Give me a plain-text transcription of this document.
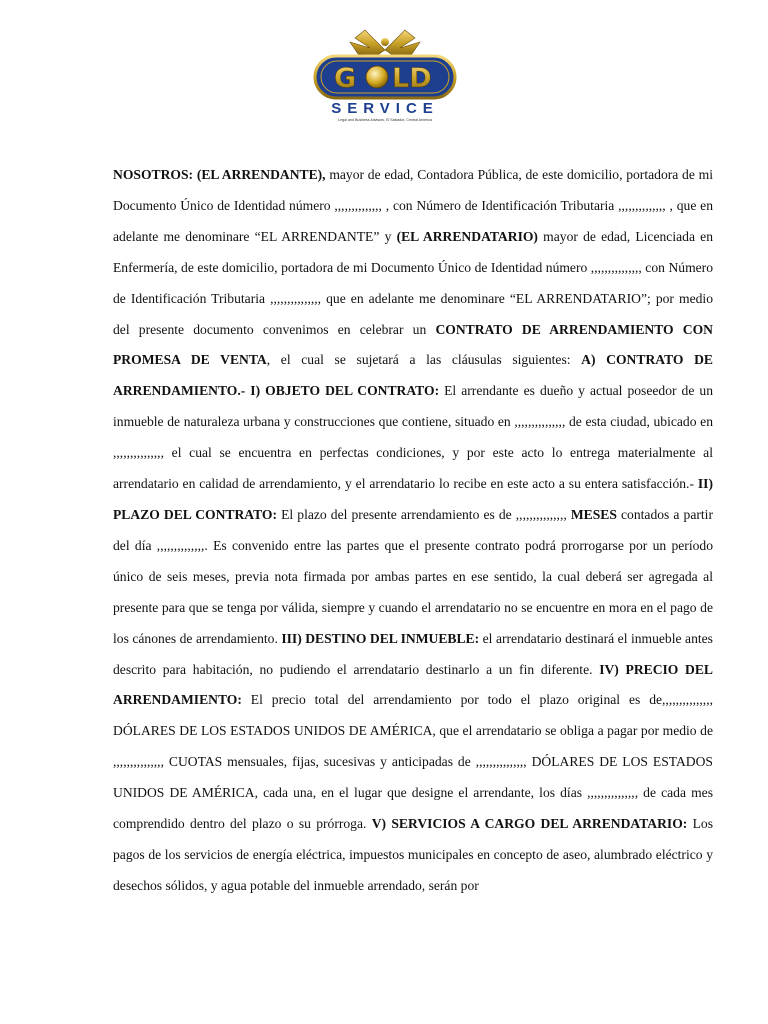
G LD
SERVICE
Legal and Business Advisors, El Salvador, Central America

NOSOTROS: (EL ARRENDANTE), mayor de edad, Contadora Pública, de este domicilio, portadora de mi Documento Único de Identidad número ,,,,,,,,,,,,,, , con Número de Identificación Tributaria ,,,,,,,,,,,,,, , que en adelante me denominare “EL ARRENDANTE” y (EL ARRENDATARIO) mayor de edad, Licenciada en Enfermería, de este domicilio, portadora de mi Documento Único de Identidad número ,,,,,,,,,,,,,,, con Número de Identificación Tributaria ,,,,,,,,,,,,,,, que en adelante me denominare “EL ARRENDATARIO”; por medio del presente documento convenimos en celebrar un CONTRATO DE ARRENDAMIENTO CON PROMESA DE VENTA, el cual se sujetará a las cláusulas siguientes: A) CONTRATO DE ARRENDAMIENTO.- I) OBJETO DEL CONTRATO: El arrendante es dueño y actual poseedor de un inmueble de naturaleza urbana y construcciones que contiene, situado en ,,,,,,,,,,,,,,, de esta ciudad, ubicado en ,,,,,,,,,,,,,,, el cual se encuentra en perfectas condiciones, y por este acto lo entrega materialmente al arrendatario en calidad de arrendamiento, y el arrendatario lo recibe en este acto a su entera satisfacción.- II) PLAZO DEL CONTRATO: El plazo del presente arrendamiento es de ,,,,,,,,,,,,,,, MESES contados a partir del día ,,,,,,,,,,,,,,. Es convenido entre las partes que el presente contrato podrá prorrogarse por un período único de seis meses, previa nota firmada por ambas partes en ese sentido, la cual deberá ser agregada al presente para que se tenga por válida, siempre y cuando el arrendatario no se encuentre en mora en el pago de los cánones de arrendamiento. III) DESTINO DEL INMUEBLE: el arrendatario destinará el inmueble antes descrito para habitación, no pudiendo el arrendatario destinarlo a un fin diferente. IV) PRECIO DEL ARRENDAMIENTO: El precio total del arrendamiento por todo el plazo original es de,,,,,,,,,,,,,,, DÓLARES DE LOS ESTADOS UNIDOS DE AMÉRICA, que el arrendatario se obliga a pagar por medio de ,,,,,,,,,,,,,,, CUOTAS mensuales, fijas, sucesivas y anticipadas de ,,,,,,,,,,,,,,, DÓLARES DE LOS ESTADOS UNIDOS DE AMÉRICA, cada una, en el lugar que designe el arrendante, los días ,,,,,,,,,,,,,,, de cada mes comprendido dentro del plazo o su prórroga. V) SERVICIOS A CARGO DEL ARRENDATARIO: Los pagos de los servicios de energía eléctrica, impuestos municipales en concepto de aseo, alumbrado eléctrico y desechos sólidos, y agua potable del inmueble arrendado, serán por
